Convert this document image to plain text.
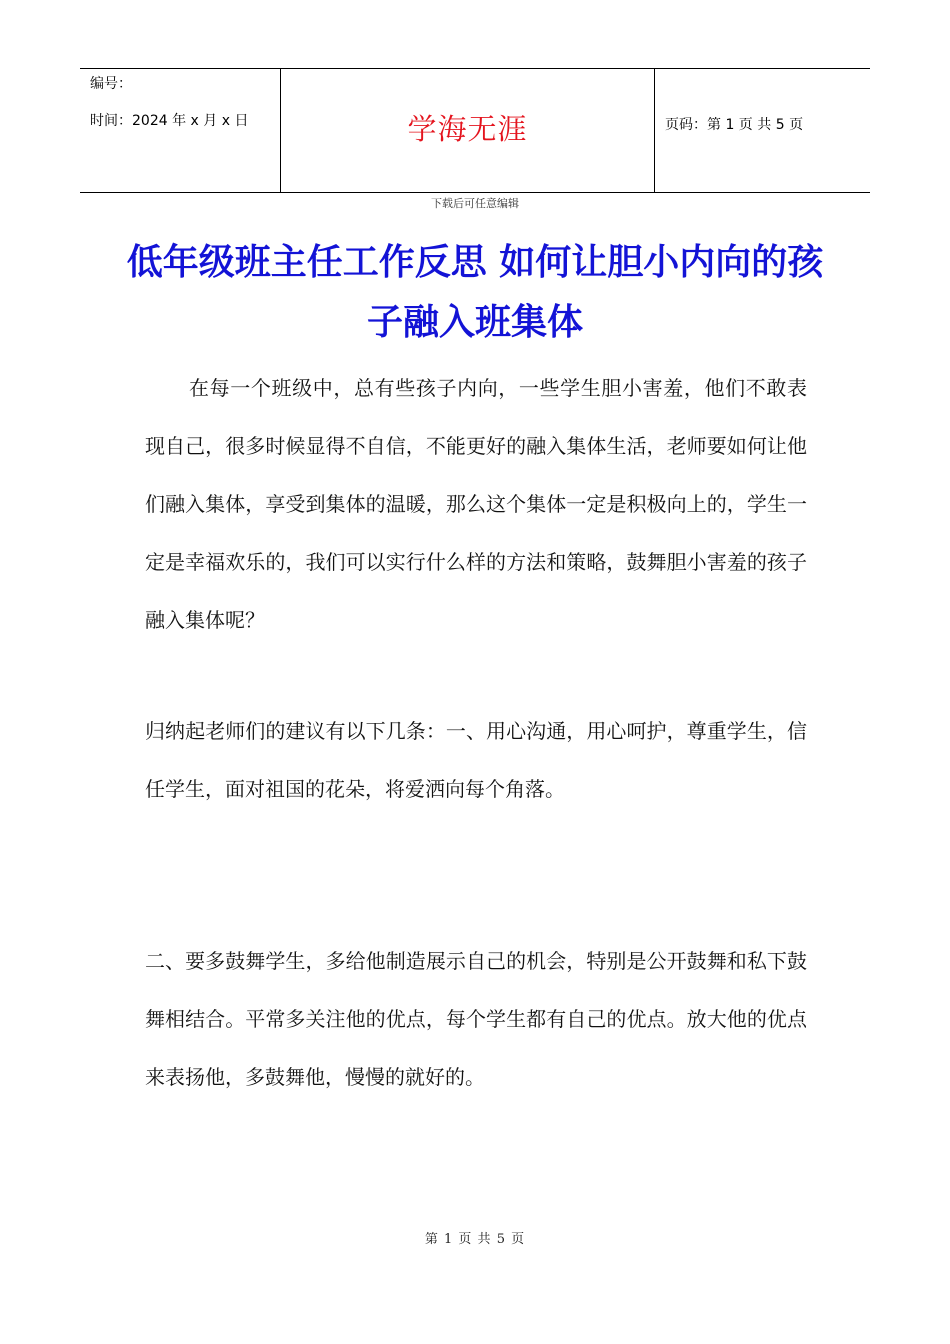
编号：
时间：2024 年 x 月 x 日	学海无涯	页码：第 1 页 共 5 页
下载后可任意编辑
低年级班主任工作反思 如何让胆小内向的孩子融入班集体

在每一个班级中，总有些孩子内向，一些学生胆小害羞，他们不敢表现自己，很多时候显得不自信，不能更好的融入集体生活，老师要如何让他们融入集体，享受到集体的温暖，那么这个集体一定是积极向上的，学生一定是幸福欢乐的，我们可以实行什么样的方法和策略，鼓舞胆小害羞的孩子融入集体呢？

归纳起老师们的建议有以下几条：一、用心沟通，用心呵护，尊重学生，信任学生，面对祖国的花朵，将爱洒向每个角落。

二、要多鼓舞学生，多给他制造展示自己的机会，特别是公开鼓舞和私下鼓舞相结合。平常多关注他的优点，每个学生都有自己的优点。放大他的优点来表扬他，多鼓舞他，慢慢的就好的。

第 1 页 共 5 页
